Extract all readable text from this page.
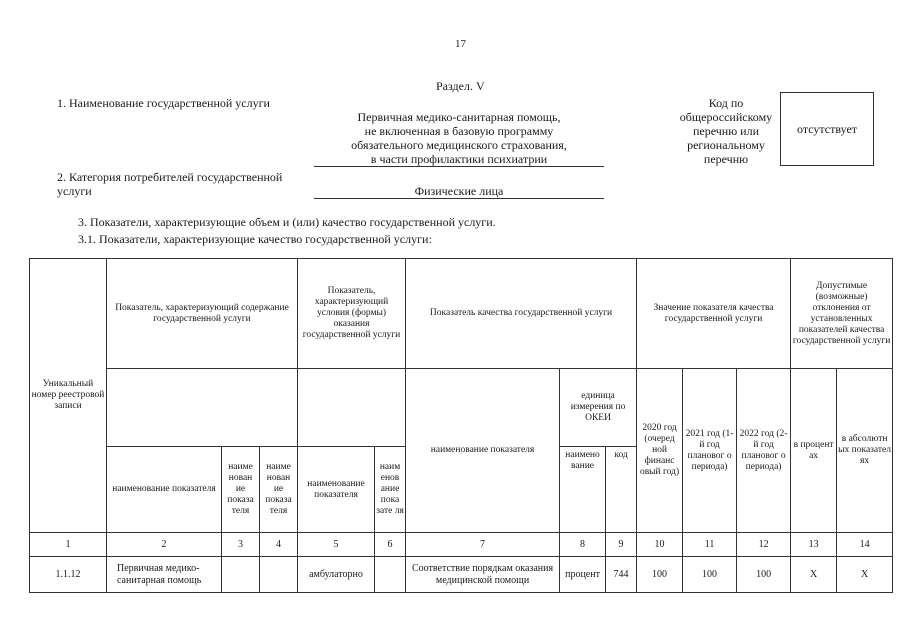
17
Раздел. V
1. Наименование государственной услуги
Первичная медико-санитарная помощь,
не включенная в базовую программу
обязательного медицинского страхования,
в части профилактики психиатрии
Код по
общероссийскому
перечню или
региональному
перечню
отсутствует
2. Категория потребителей государственной
услуги	Физические лица
3. Показатели, характеризующие объем и (или) качество государственной услуги.
3.1. Показатели, характеризующие качество государственной услуги:
Уникальный номер реестровой записи	Показатель, характеризующий содержание государственной услуги			Показатель, характеризующий условия (формы) оказания государственной услуги		Показатель качества государственной услуги			Значение показателя качества государственной услуги			Допустимые (возможные) отклонения от установленных показателей качества государственной услуги	
						наименование показателя	единица измерения по ОКЕИ		2020 год (очеред ной финанс овый год)	2021 год (1-й год плановог о периода)	2022 год (2-й год плановог о периода)	в процент ах	в абсолютн ых показател ях
	наименование показателя	наиме нован ие показа теля	наиме нован ие показа теля	наименование показателя	наим енов ание пока зате ля		наимено вание	код					
1	2	3	4	5	6	7	8	9	10	11	12	13	14
1.1.12	Первичная медико-санитарная помощь			амбулаторно		Соответствие порядкам оказания медицинской помощи	процент	744	100	100	100	Х	Х
